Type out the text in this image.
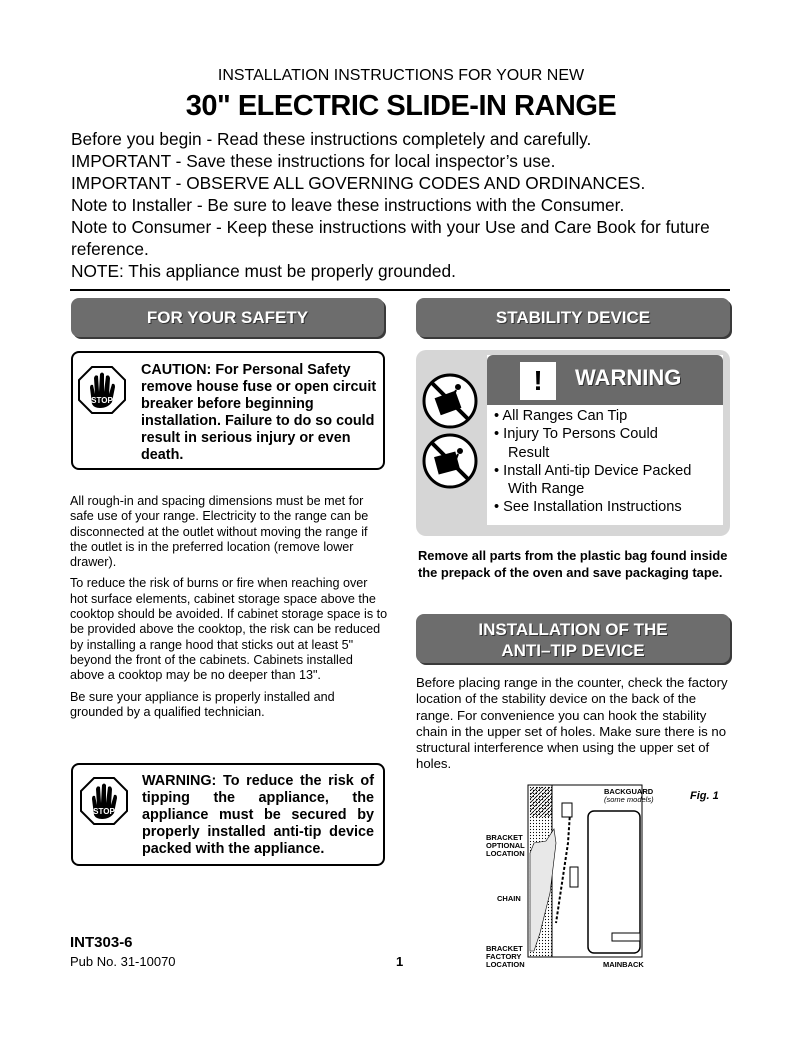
INSTALLATION INSTRUCTIONS FOR YOUR NEW
30" ELECTRIC SLIDE-IN RANGE
Before you begin - Read these instructions completely and carefully.
IMPORTANT - Save these instructions for local inspector’s use.
IMPORTANT - OBSERVE ALL GOVERNING CODES AND ORDINANCES.
Note to Installer - Be sure to leave these instructions with the Consumer.
Note to Consumer - Keep these instructions with your Use and Care Book for future reference.
NOTE: This appliance must be properly grounded.
FOR YOUR SAFETY
STOP
CAUTION: For Personal Safety remove house fuse or open circuit breaker before beginning installation. Failure to do so could result in serious injury or even death.

All rough-in and spacing dimensions must be met for safe use of your range. Electricity to the range can be disconnected at the outlet without moving the range if the outlet is in the preferred location (remove lower drawer).

To reduce the risk of burns or fire when reaching over hot surface elements, cabinet storage space above the cooktop should be avoided. If cabinet storage space is to be provided above the cooktop, the risk can be reduced by installing a range hood that sticks out at least 5" beyond the front of the cabinets. Cabinets installed above a cooktop may be no deeper than 13".

Be sure your appliance is properly installed and grounded by a qualified technician.

STOP
WARNING: To reduce the risk of tipping the appliance, the appliance must be secured by properly installed anti-tip device packed with the appliance.
STABILITY DEVICE
!	WARNING
• All Ranges Can Tip
• Injury To Persons Could
Result
• Install Anti-tip Device Packed
With Range
• See Installation Instructions
Remove all parts from the plastic bag found inside the prepack of the oven and save packaging tape.
INSTALLATION OF THE
ANTI–TIP DEVICE
Before placing range in the counter, check the factory location of the stability device on the back of the range. For convenience you can hook the stability chain in the upper set of holes. Make sure there is no structural interference when using the upper set of holes.
BACKGUARD
(some models)
BRACKET
OPTIONAL
LOCATION
CHAIN
BRACKET
FACTORY
LOCATION	MAINBACK
Fig. 1
INT303-6
Pub No. 31-10070	1
